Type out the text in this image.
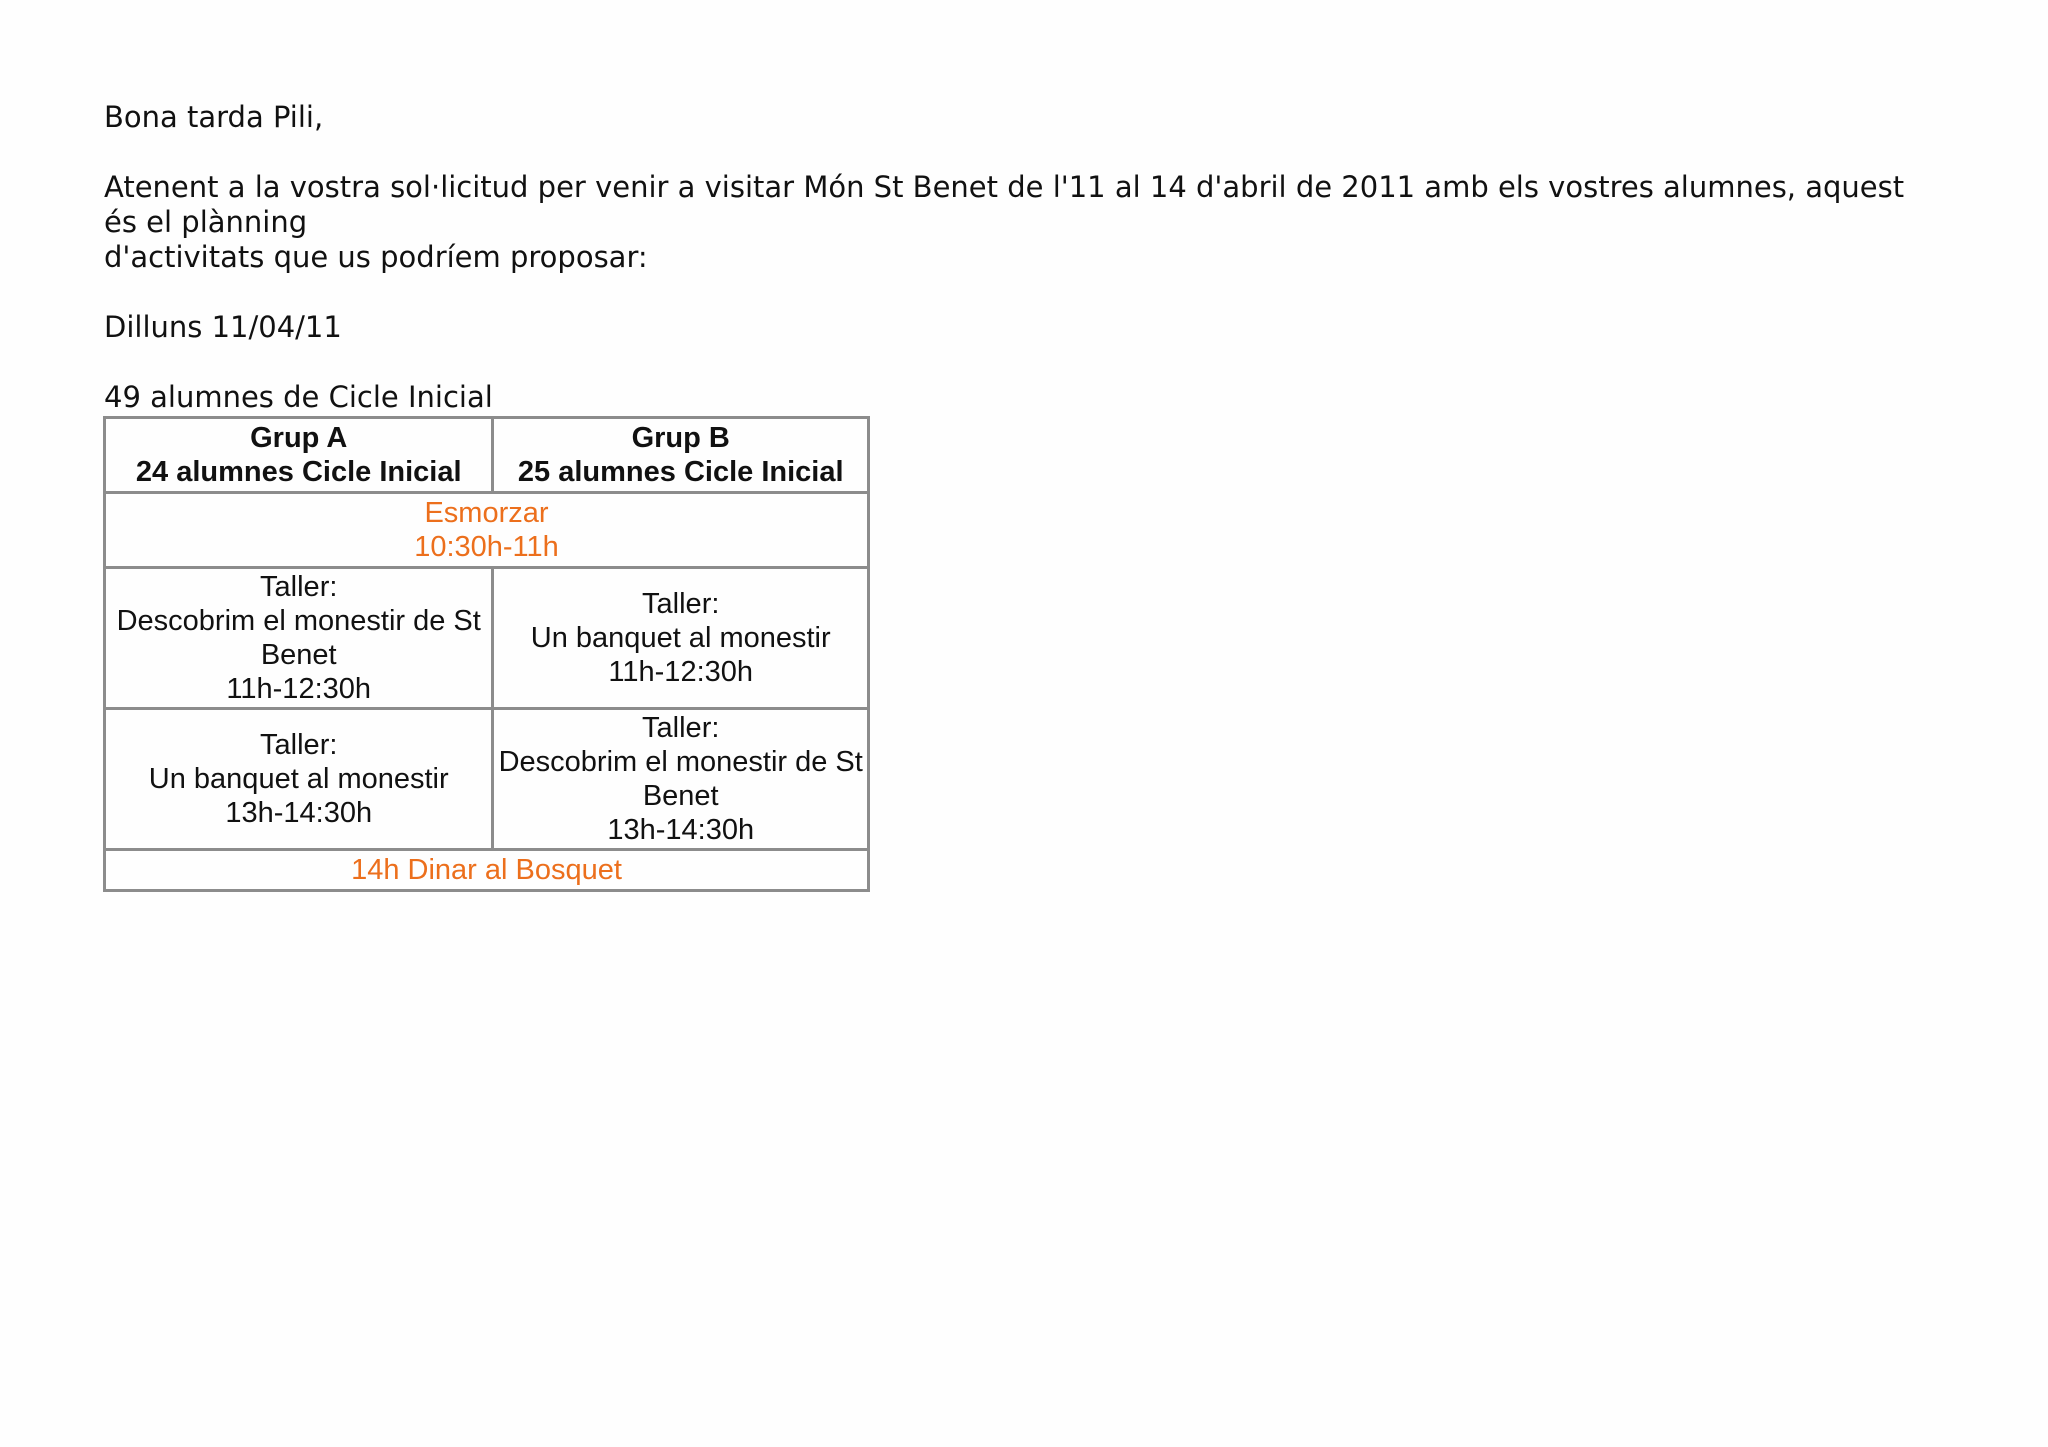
Bona tarda Pili,

Atenent a la vostra sol·licitud per venir a visitar Món St Benet de l'11 al 14 d'abril de 2011 amb els vostres alumnes, aquest és el plànning
d'activitats que us podríem proposar:

Dilluns 11/04/11

49 alumnes de Cicle Inicial

Grup A
24 alumnes Cicle Inicial	Grup B
25 alumnes Cicle Inicial

Esmorzar
10:30h-11h	

Taller:
Descobrim el monestir de St
Benet
11h-12:30h	Taller:
Un banquet al monestir
11h-12:30h

Taller:
Un banquet al monestir
13h-14:30h	Taller:
Descobrim el monestir de St
Benet
13h-14:30h

14h Dinar al Bosquet	
